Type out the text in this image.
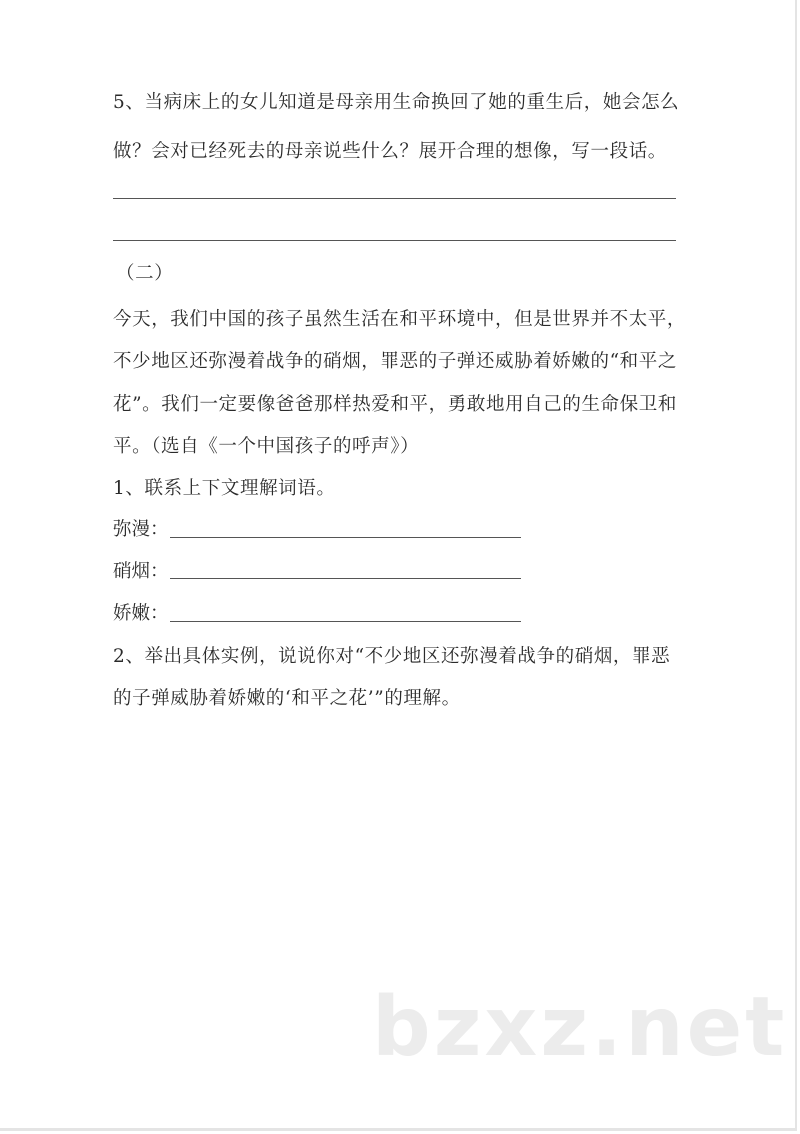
5、当病床上的女儿知道是母亲用生命换回了她的重生后，她会怎么
做？会对已经死去的母亲说些什么？展开合理的想像，写一段话。
（二）
今天，我们中国的孩子虽然生活在和平环境中，但是世界并不太平，
不少地区还弥漫着战争的硝烟，罪恶的子弹还威胁着娇嫩的“和平之
花”。我们一定要像爸爸那样热爱和平，勇敢地用自己的生命保卫和
平。（选自《一个中国孩子的呼声》）
1、联系上下文理解词语。
弥漫：
硝烟：
娇嫩：
2、举出具体实例，说说你对“不少地区还弥漫着战争的硝烟，罪恶
的子弹威胁着娇嫩的‘和平之花’”的理解。
bzxz.net
